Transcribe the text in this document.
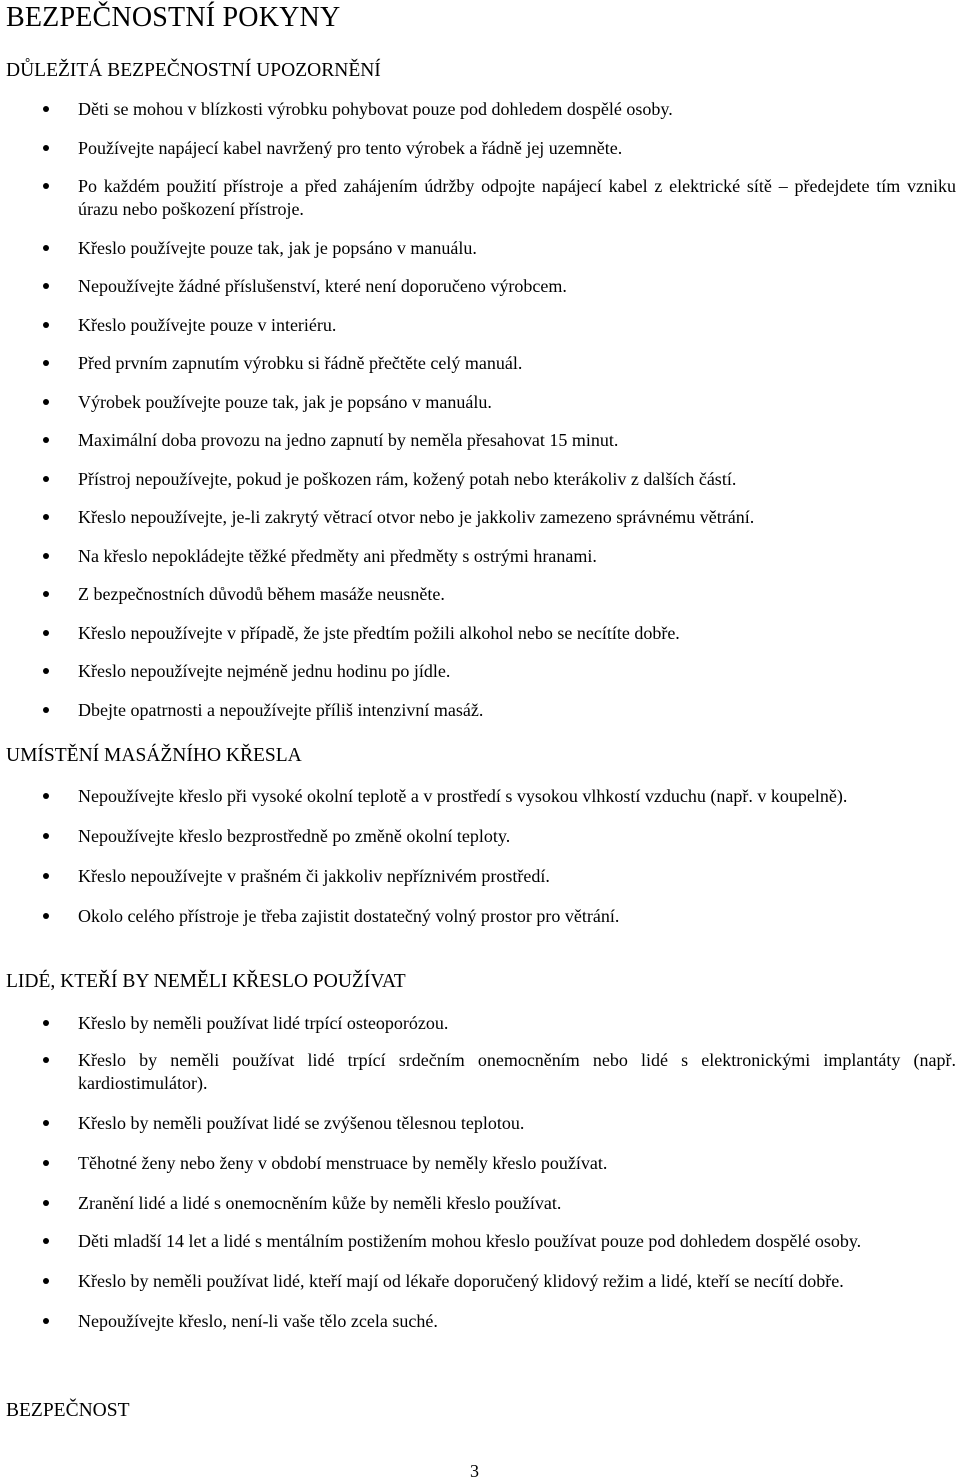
BEZPEČNOSTNÍ POKYNY
DŮLEŽITÁ BEZPEČNOSTNÍ UPOZORNĚNÍ
Děti se mohou v blízkosti výrobku pohybovat pouze pod dohledem dospělé osoby.
Používejte napájecí kabel navržený pro tento výrobek a řádně jej uzemněte.
Po každém použití přístroje a před zahájením údržby odpojte napájecí kabel z elektrické sítě – předejdete tím vzniku úrazu nebo poškození přístroje.
Křeslo používejte pouze tak, jak je popsáno v manuálu.
Nepoužívejte žádné příslušenství, které není doporučeno výrobcem.
Křeslo používejte pouze v interiéru.
Před prvním zapnutím výrobku si řádně přečtěte celý manuál.
Výrobek používejte pouze tak, jak je popsáno v manuálu.
Maximální doba provozu na jedno zapnutí by neměla přesahovat 15 minut.
Přístroj nepoužívejte, pokud je poškozen rám, kožený potah nebo kterákoliv z dalších částí.
Křeslo nepoužívejte, je-li zakrytý větrací otvor nebo je jakkoliv zamezeno správnému větrání.
Na křeslo nepokládejte těžké předměty ani předměty s ostrými hranami.
Z bezpečnostních důvodů během masáže neusněte.
Křeslo nepoužívejte v případě, že jste předtím požili alkohol nebo se necítíte dobře.
Křeslo nepoužívejte nejméně jednu hodinu po jídle.
Dbejte opatrnosti a nepoužívejte příliš intenzivní masáž.
UMÍSTĚNÍ MASÁŽNÍHO KŘESLA
Nepoužívejte křeslo při vysoké okolní teplotě a v prostředí s vysokou vlhkostí vzduchu (např. v koupelně).
Nepoužívejte křeslo bezprostředně po změně okolní teploty.
Křeslo nepoužívejte v prašném či jakkoliv nepříznivém prostředí.
Okolo celého přístroje je třeba zajistit dostatečný volný prostor pro větrání.
LIDÉ, KTEŘÍ BY NEMĚLI KŘESLO POUŽÍVAT
Křeslo by neměli používat lidé trpící osteoporózou.
Křeslo by neměli používat lidé trpící srdečním onemocněním nebo lidé s elektronickými implantáty (např. kardiostimulátor).
Křeslo by neměli používat lidé se zvýšenou tělesnou teplotou.
Těhotné ženy nebo ženy v období menstruace by neměly křeslo používat.
Zranění lidé a lidé s onemocněním kůže by neměli křeslo používat.
Děti mladší 14 let a lidé s mentálním postižením mohou křeslo používat pouze pod dohledem dospělé osoby.
Křeslo by neměli používat lidé, kteří mají od lékaře doporučený klidový režim a lidé, kteří se necítí dobře.
Nepoužívejte křeslo, není-li vaše tělo zcela suché.
BEZPEČNOST
3
